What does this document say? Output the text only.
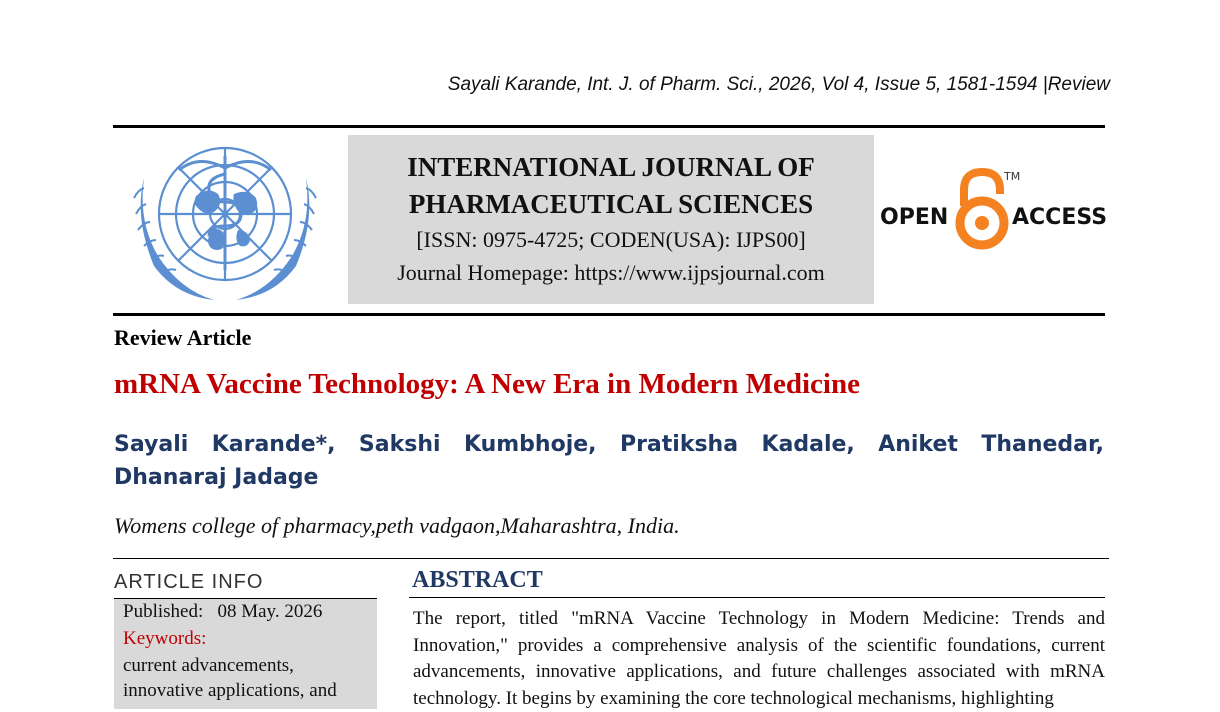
Sayali Karande, Int. J. of Pharm. Sci., 2026, Vol 4, Issue 5, 1581-1594 |Review
INTERNATIONAL JOURNAL OF
PHARMACEUTICAL SCIENCES
[ISSN: 0975-4725; CODEN(USA): IJPS00]
Journal Homepage: https://www.ijpsjournal.com
OPEN
TM
ACCESS
Review Article
mRNA Vaccine Technology: A New Era in Modern Medicine
Sayali Karande*, Sakshi Kumbhoje, Pratiksha Kadale, Aniket Thanedar, Dhanaraj Jadage
Womens college of pharmacy,peth vadgaon,Maharashtra, India.
ARTICLE INFO
Published: 08 May. 2026
Keywords:
current advancements,
innovative applications, and
ABSTRACT
The report, titled "mRNA Vaccine Technology in Modern Medicine: Trends and Innovation," provides a comprehensive analysis of the scientific foundations, current advancements, innovative applications, and future challenges associated with mRNA technology. It begins by examining the core technological mechanisms, highlighting
